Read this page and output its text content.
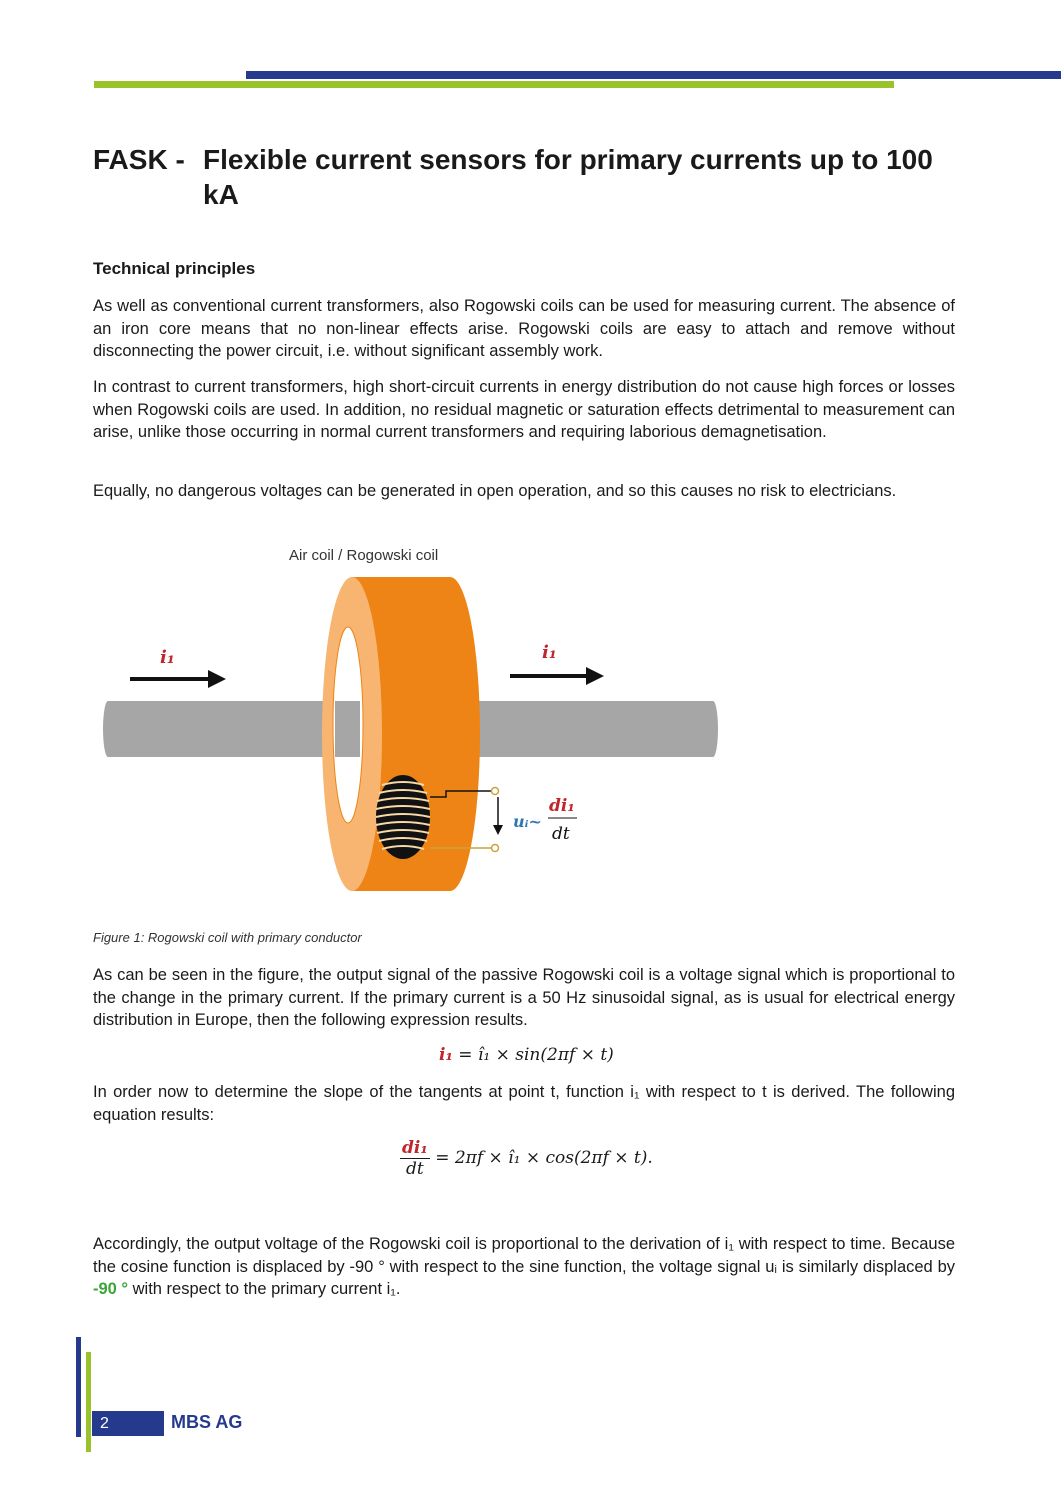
FASK - Flexible current sensors for primary currents up to 100 kA
Technical principles

As well as conventional current transformers, also Rogowski coils can be used for measuring current. The absence of an iron core means that no non-linear effects arise. Rogowski coils are easy to attach and remove without disconnecting the power circuit, i.e. without significant assembly work.

In contrast to current transformers, high short-circuit currents in energy distribution do not cause high forces or losses when Rogowski coils are used. In addition, no residual magnetic or saturation effects detrimental to measurement can arise, unlike those occurring in normal current transformers and requiring laborious demagnetisation.

Equally, no dangerous voltages can be generated in open operation, and so this causes no risk to electricians.

Air coil / Rogowski coil
i₁	i₁
uᵢ~
di₁
dt
Figure 1: Rogowski coil with primary conductor

As can be seen in the figure, the output signal of the passive Rogowski coil is a voltage signal which is proportional to the change in the primary current. If the primary current is a 50 Hz sinusoidal signal, as is usual for electrical energy distribution in Europe, then the following expression results.

i₁ = î₁ × sin(2πf × t)

In order now to determine the slope of the tangents at point t, function i₁ with respect to t is derived. The following equation results:

$\frac{\text{di₁}}{dt} = 2\pi f$ × î₁ × cos(2πf × t).

Accordingly, the output voltage of the Rogowski coil is proportional to the derivation of i₁ with respect to time. Because the cosine function is displaced by -90 ° with respect to the sine function, the voltage signal uᵢ is similarly displaced by -90 ° with respect to the primary current i₁.

2	MBS AG
